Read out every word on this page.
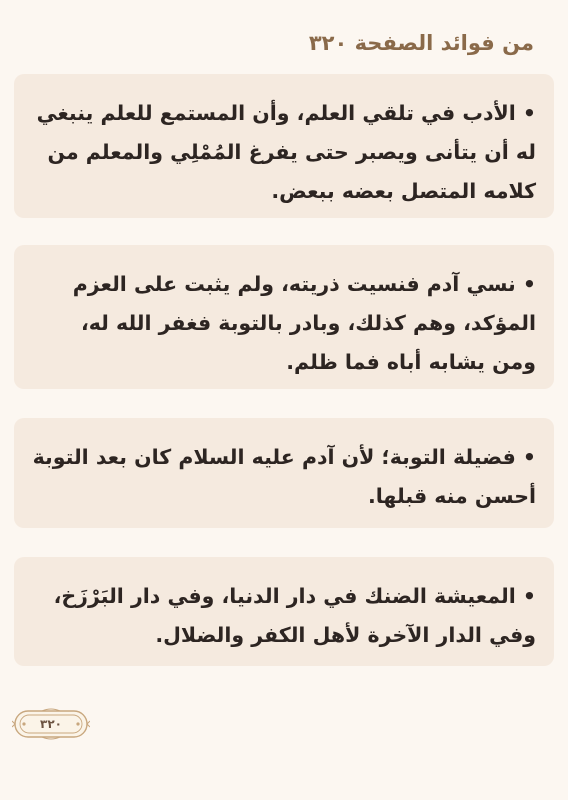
من فوائد الصفحة ٣٢٠

• الأدب في تلقي العلم، وأن المستمع للعلم ينبغي له أن يتأنى ويصبر حتى يفرغ المُمْلِي والمعلم من كلامه المتصل بعضه ببعض.

• نسي آدم فنسيت ذريته، ولم يثبت على العزم المؤكد، وهم كذلك، وبادر بالتوبة فغفر الله له، ومن يشابه أباه فما ظلم.

• فضيلة التوبة؛ لأن آدم عليه السلام كان بعد التوبة أحسن منه قبلها.

• المعيشة الضنك في دار الدنيا، وفي دار البَرْزَخ، وفي الدار الآخرة لأهل الكفر والضلال.

٣٢٠
